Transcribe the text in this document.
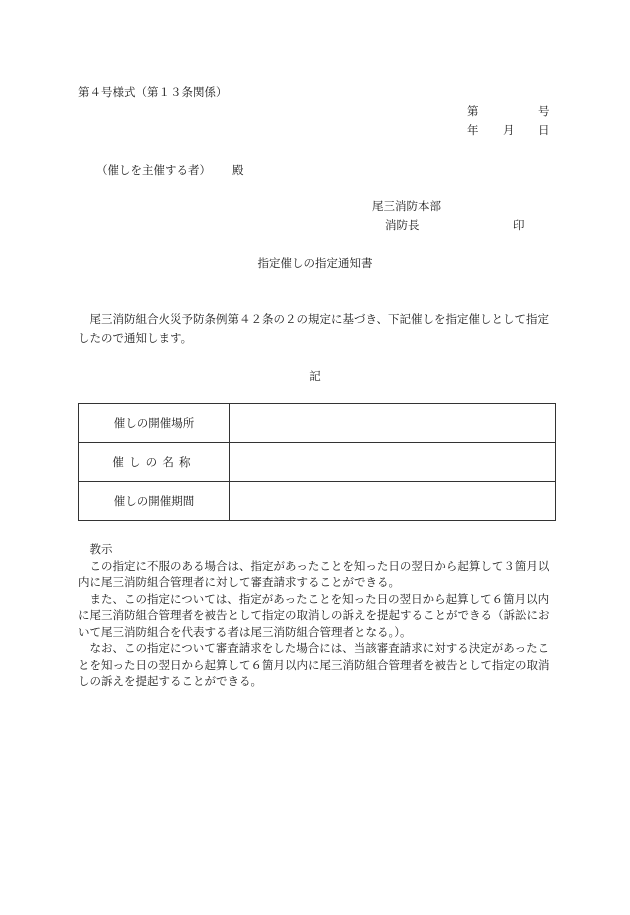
第４号様式（第１３条関係）
第	号
年 月 日
（催しを主催する者） 殿
尾三消防本部
消防長	印
指定催しの指定通知書
尾三消防組合火災予防条例第４２条の２の規定に基づき、下記催しを指定催しとして指定したので通知します。
記
催しの開催場所	
催しの名称	
催しの開催期間	

教示

この指定に不服のある場合は、指定があったことを知った日の翌日から起算して３箇月以内に尾三消防組合管理者に対して審査請求することができる。

また、この指定については、指定があったことを知った日の翌日から起算して６箇月以内に尾三消防組合管理者を被告として指定の取消しの訴えを提起することができる（訴訟において尾三消防組合を代表する者は尾三消防組合管理者となる。）。

なお、この指定について審査請求をした場合には、当該審査請求に対する決定があったことを知った日の翌日から起算して６箇月以内に尾三消防組合管理者を被告として指定の取消しの訴えを提起することができる。
